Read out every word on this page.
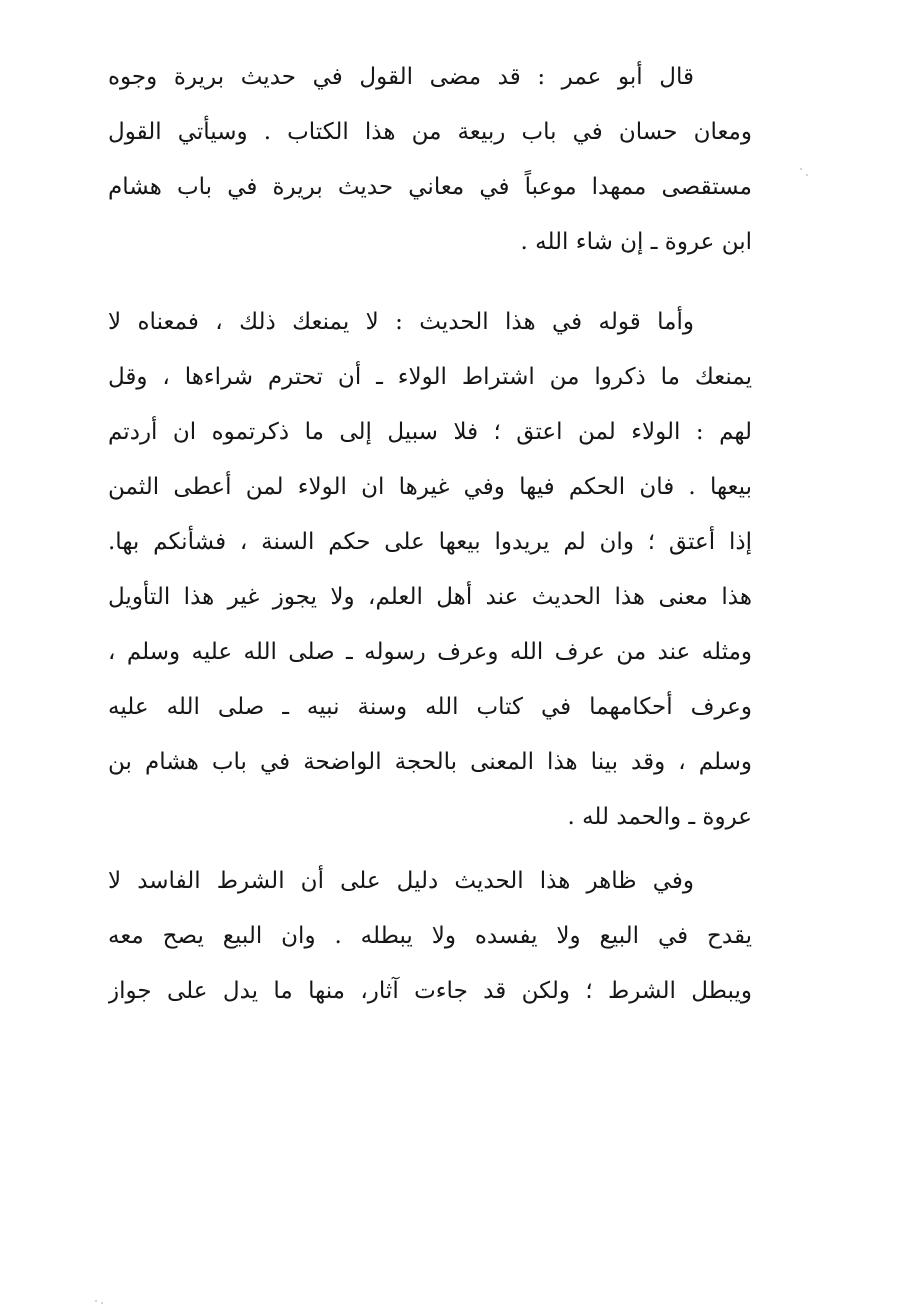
قال أبو عمر : قد مضى القول في حديث بريرة وجوه
ومعان حسان في باب ربيعة من هذا الكتاب . وسيأتي القول
مستقصى ممهدا موعباً في معاني حديث بريرة في باب هشام
ابن عروة ـ إن شاء الله .
وأما قوله في هذا الحديث : لا يمنعك ذلك ، فمعناه لا
يمنعك ما ذكروا من اشتراط الولاء ـ أن تحترم شراءها ، وقل
لهم : الولاء لمن اعتق ؛ فلا سبيل إلى ما ذكرتموه ان أردتم
بيعها . فان الحكم فيها وفي غيرها ان الولاء لمن أعطى الثمن
إذا أعتق ؛ وان لم يريدوا بيعها على حكم السنة ، فشأنكم بها.
هذا معنى هذا الحديث عند أهل العلم، ولا يجوز غير هذا التأويل
ومثله عند من عرف الله وعرف رسوله ـ صلى الله عليه وسلم ،
وعرف أحكامهما في كتاب الله وسنة نبيه ـ صلى الله عليه
وسلم ، وقد بينا هذا المعنى بالحجة الواضحة في باب هشام بن
عروة ـ والحمد لله .
وفي ظاهر هذا الحديث دليل على أن الشرط الفاسد لا
يقدح في البيع ولا يفسده ولا يبطله . وان البيع يصح معه
ويبطل الشرط ؛ ولكن قد جاءت آثار، منها ما يدل على جواز
